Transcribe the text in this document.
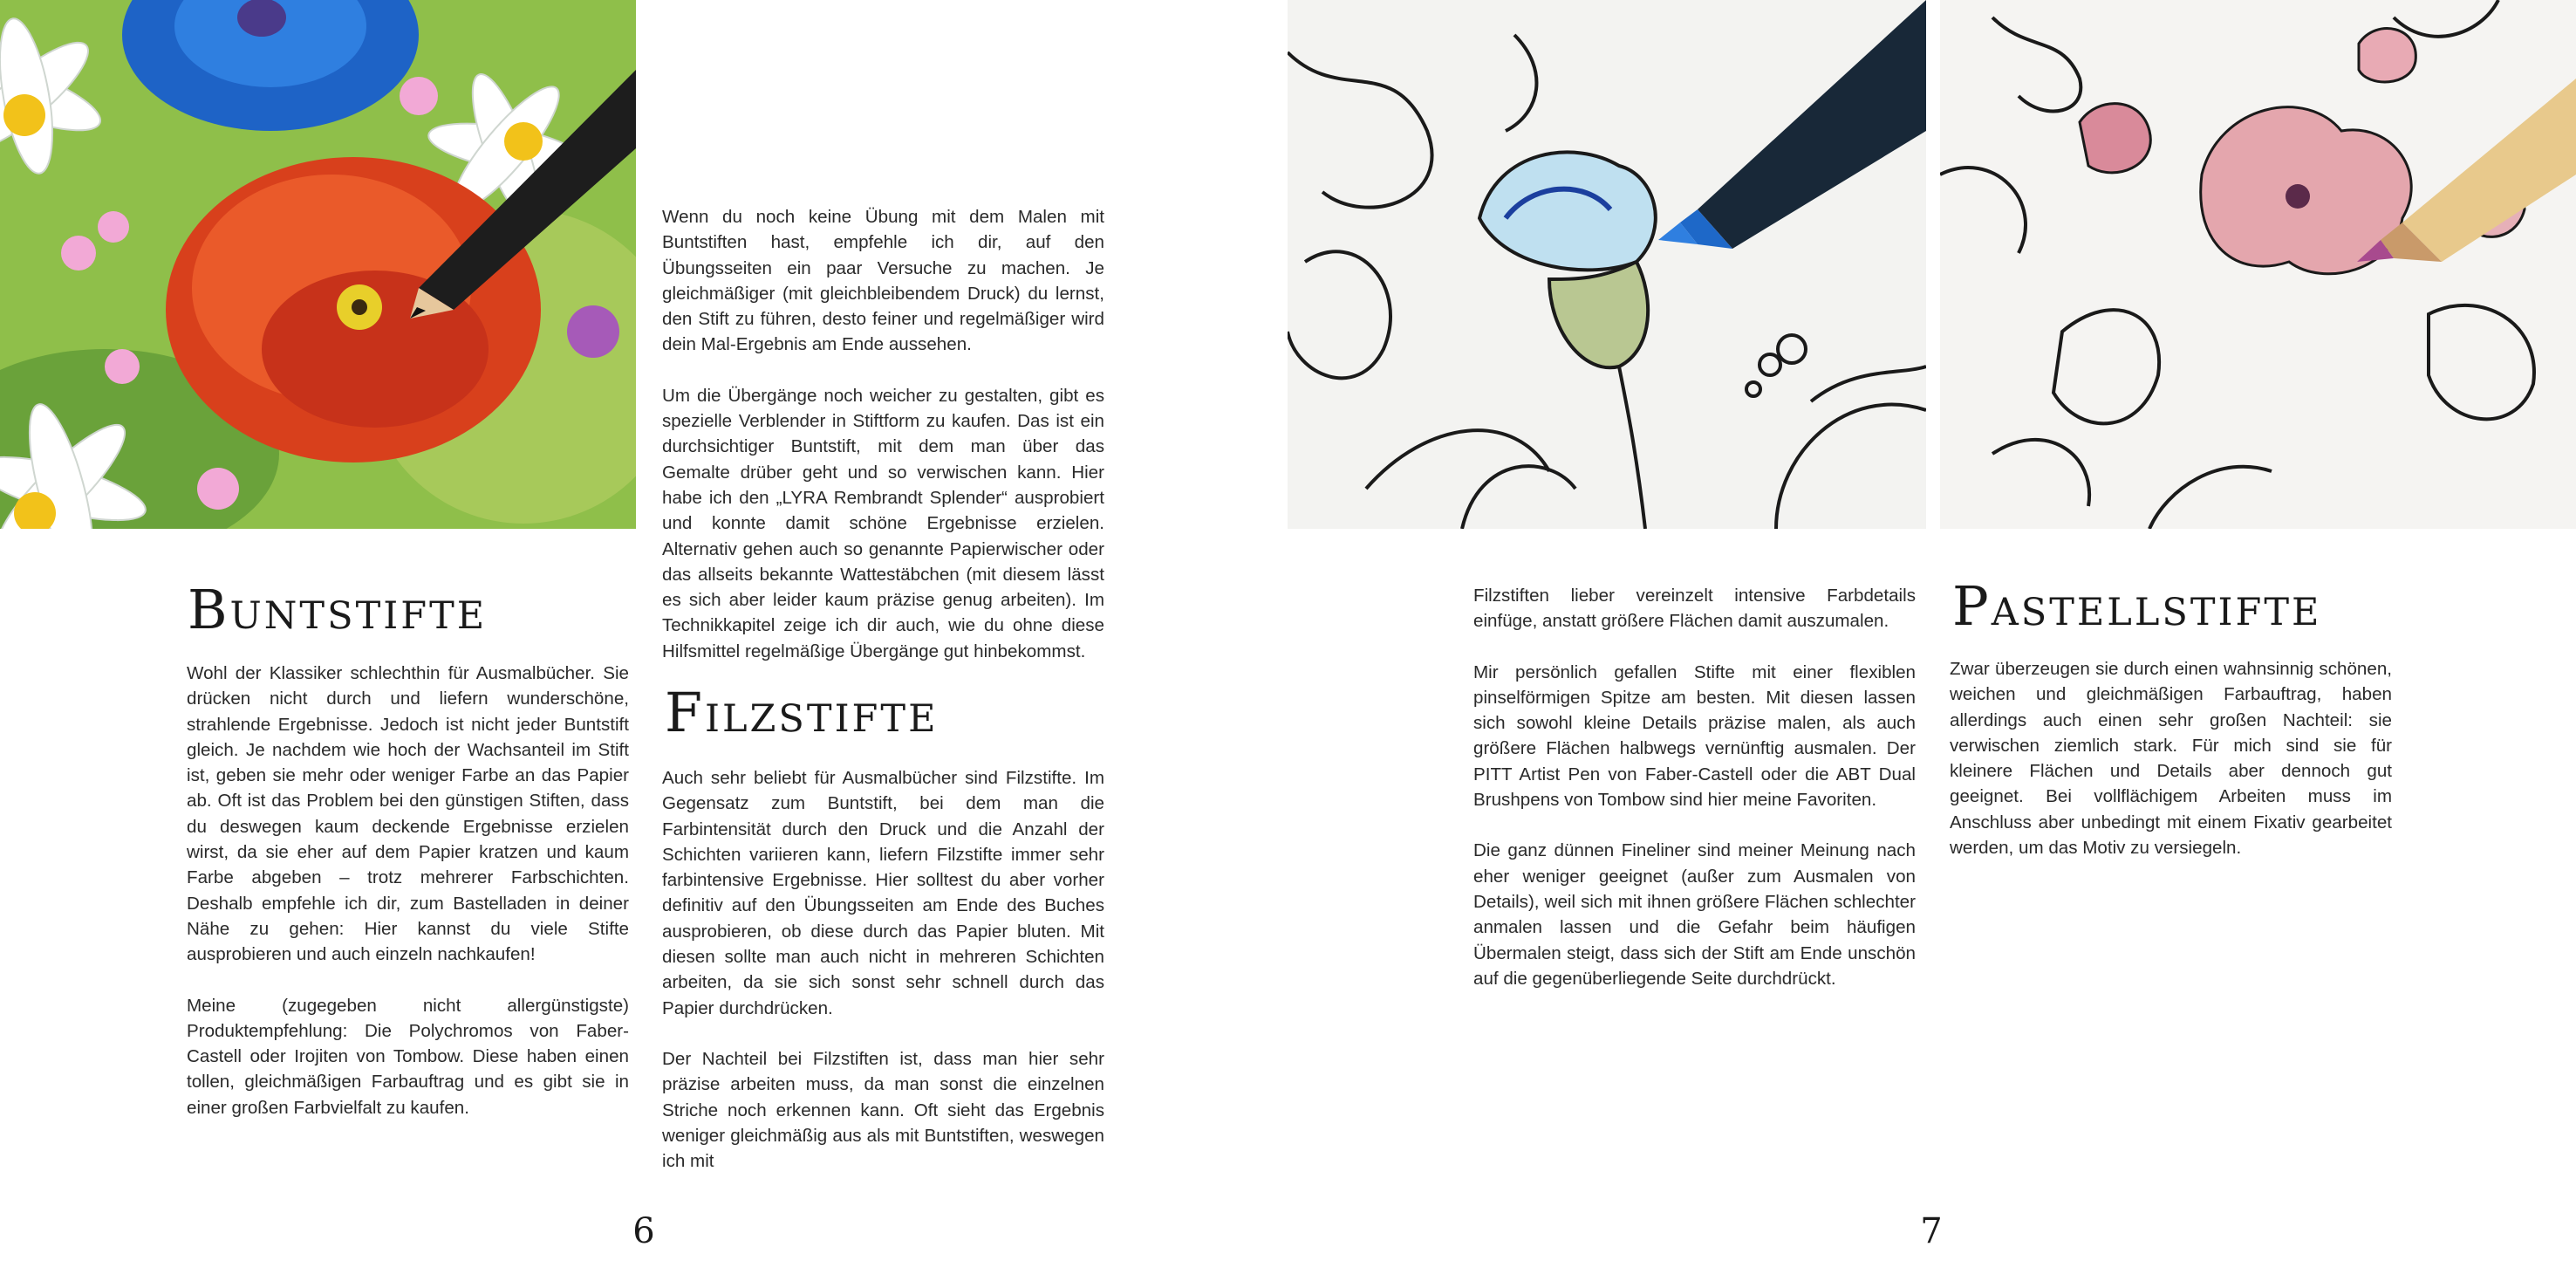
Buntstifte

Wohl der Klassiker schlechthin für Ausmalbücher. Sie drücken nicht durch und liefern wunderschöne, strahlende Ergebnisse. Jedoch ist nicht jeder Buntstift gleich. Je nachdem wie hoch der Wachsanteil im Stift ist, geben sie mehr oder weniger Farbe an das Papier ab. Oft ist das Problem bei den günstigen Stiften, dass du deswegen kaum deckende Ergebnisse erzielen wirst, da sie eher auf dem Papier kratzen und kaum Farbe abgeben – trotz mehrerer Farbschichten. Deshalb empfehle ich dir, zum Bastelladen in deiner Nähe zu gehen: Hier kannst du viele Stifte ausprobieren und auch einzeln nachkaufen!

Meine (zugegeben nicht allergünstigste) Produktempfehlung: Die Polychromos von Faber-Castell oder Irojiten von Tombow. Diese haben einen tollen, gleichmäßigen Farbauftrag und es gibt sie in einer großen Farbvielfalt zu kaufen.

Wenn du noch keine Übung mit dem Malen mit Buntstiften hast, empfehle ich dir, auf den Übungsseiten ein paar Versuche zu machen. Je gleichmäßiger (mit gleichbleibendem Druck) du lernst, den Stift zu führen, desto feiner und regelmäßiger wird dein Mal-Ergebnis am Ende aussehen.

Um die Übergänge noch weicher zu gestalten, gibt es spezielle Verblender in Stiftform zu kaufen. Das ist ein durchsichtiger Buntstift, mit dem man über das Gemalte drüber geht und so verwischen kann. Hier habe ich den „LYRA Rembrandt Splender“ ausprobiert und konnte damit schöne Ergebnisse erzielen. Alternativ gehen auch so genannte Papierwischer oder das allseits bekannte Wattestäbchen (mit diesem lässt es sich aber leider kaum präzise genug arbeiten). Im Technikkapitel zeige ich dir auch, wie du ohne diese Hilfsmittel regelmäßige Übergänge gut hinbekommst.

Filzstifte

Auch sehr beliebt für Ausmalbücher sind Filzstifte. Im Gegensatz zum Buntstift, bei dem man die Farbintensität durch den Druck und die Anzahl der Schichten variieren kann, liefern Filzstifte immer sehr farbintensive Ergebnisse. Hier solltest du aber vorher definitiv auf den Übungsseiten am Ende des Buches ausprobieren, ob diese durch das Papier bluten. Mit diesen sollte man auch nicht in mehreren Schichten arbeiten, da sie sich sonst sehr schnell durch das Papier durchdrücken.

Der Nachteil bei Filzstiften ist, dass man hier sehr präzise arbeiten muss, da man sonst die einzelnen Striche noch erkennen kann. Oft sieht das Ergebnis weniger gleichmäßig aus als mit Buntstiften, weswegen ich mit

6

Filzstiften lieber vereinzelt intensive Farbdetails einfüge, anstatt größere Flächen damit auszumalen.

Mir persönlich gefallen Stifte mit einer flexiblen pinselförmigen Spitze am besten. Mit diesen lassen sich sowohl kleine Details präzise malen, als auch größere Flächen halbwegs vernünftig ausmalen. Der PITT Artist Pen von Faber-Castell oder die ABT Dual Brushpens von Tombow sind hier meine Favoriten.

Die ganz dünnen Fineliner sind meiner Meinung nach eher weniger geeignet (außer zum Ausmalen von Details), weil sich mit ihnen größere Flächen schlechter anmalen lassen und die Gefahr beim häufigen Übermalen steigt, dass sich der Stift am Ende unschön auf die gegenüberliegende Seite durchdrückt.

Pastellstifte

Zwar überzeugen sie durch einen wahnsinnig schönen, weichen und gleichmäßigen Farbauftrag, haben allerdings auch einen sehr großen Nachteil: sie verwischen ziemlich stark. Für mich sind sie für kleinere Flächen und Details aber dennoch gut geeignet. Bei vollflächigem Arbeiten muss im Anschluss aber unbedingt mit einem Fixativ gearbeitet werden, um das Motiv zu versiegeln.

7
